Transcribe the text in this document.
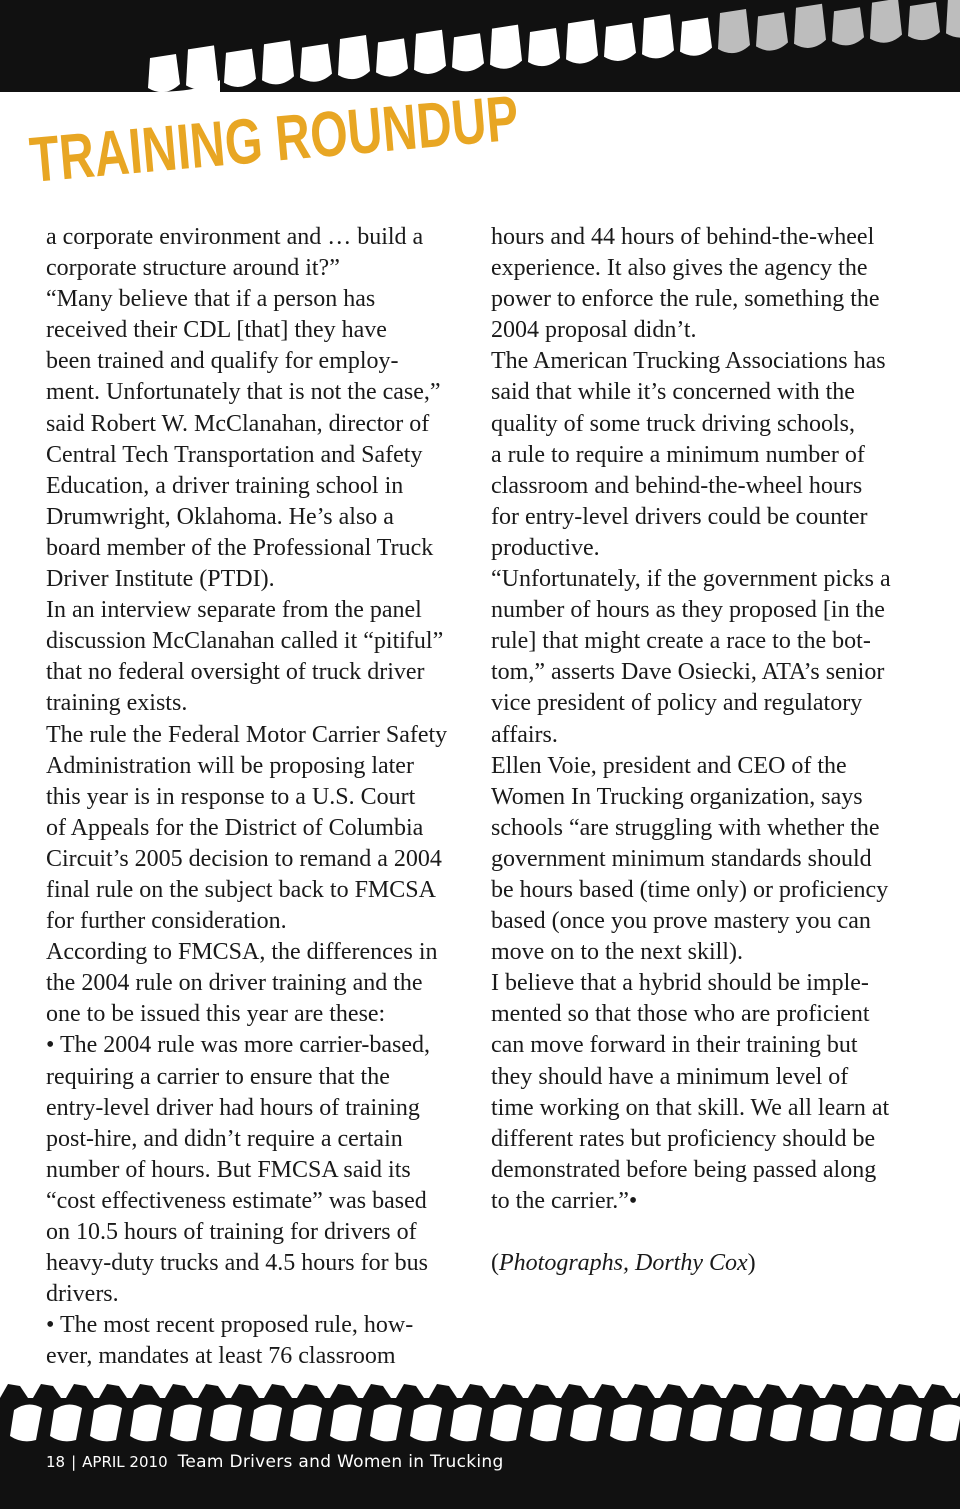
TRAINING ROUNDUP
a corporate environment and … build a
corporate structure around it?”
“Many believe that if a person has
received their CDL [that] they have
been trained and qualify for employ-
ment. Unfortunately that is not the case,”
said Robert W. McClanahan, director of
Central Tech Transportation and Safety
Education, a driver training school in
Drumwright, Oklahoma. He’s also a
board member of the Professional Truck
Driver Institute (PTDI).
In an interview separate from the panel
discussion McClanahan called it “pitiful”
that no federal oversight of truck driver
training exists.
The rule the Federal Motor Carrier Safety
Administration will be proposing later
this year is in response to a U.S. Court
of Appeals for the District of Columbia
Circuit’s 2005 decision to remand a 2004
final rule on the subject back to FMCSA
for further consideration.
According to FMCSA, the differences in
the 2004 rule on driver training and the
one to be issued this year are these:
• The 2004 rule was more carrier-based,
requiring a carrier to ensure that the
entry-level driver had hours of training
post-hire, and didn’t require a certain
number of hours. But FMCSA said its
“cost effectiveness estimate” was based
on 10.5 hours of training for drivers of
heavy-duty trucks and 4.5 hours for bus
drivers.
• The most recent proposed rule, how-
ever, mandates at least 76 classroom
hours and 44 hours of behind-the-wheel
experience. It also gives the agency the
power to enforce the rule, something the
2004 proposal didn’t.
The American Trucking Associations has
said that while it’s concerned with the
quality of some truck driving schools,
a rule to require a minimum number of
classroom and behind-the-wheel hours
for entry-level drivers could be counter
productive.
“Unfortunately, if the government picks a
number of hours as they proposed [in the
rule] that might create a race to the bot-
tom,” asserts Dave Osiecki, ATA’s senior
vice president of policy and regulatory
affairs.
Ellen Voie, president and CEO of the
Women In Trucking organization, says
schools “are struggling with whether the
government minimum standards should
be hours based (time only) or proficiency
based (once you prove mastery you can
move on to the next skill).
I believe that a hybrid should be imple-
mented so that those who are proficient
can move forward in their training but
they should have a minimum level of
time working on that skill. We all learn at
different rates but proficiency should be
demonstrated before being passed along
to the carrier.”•
(Photographs, Dorthy Cox)
18 | APRIL 2010 Team Drivers and Women in Trucking
